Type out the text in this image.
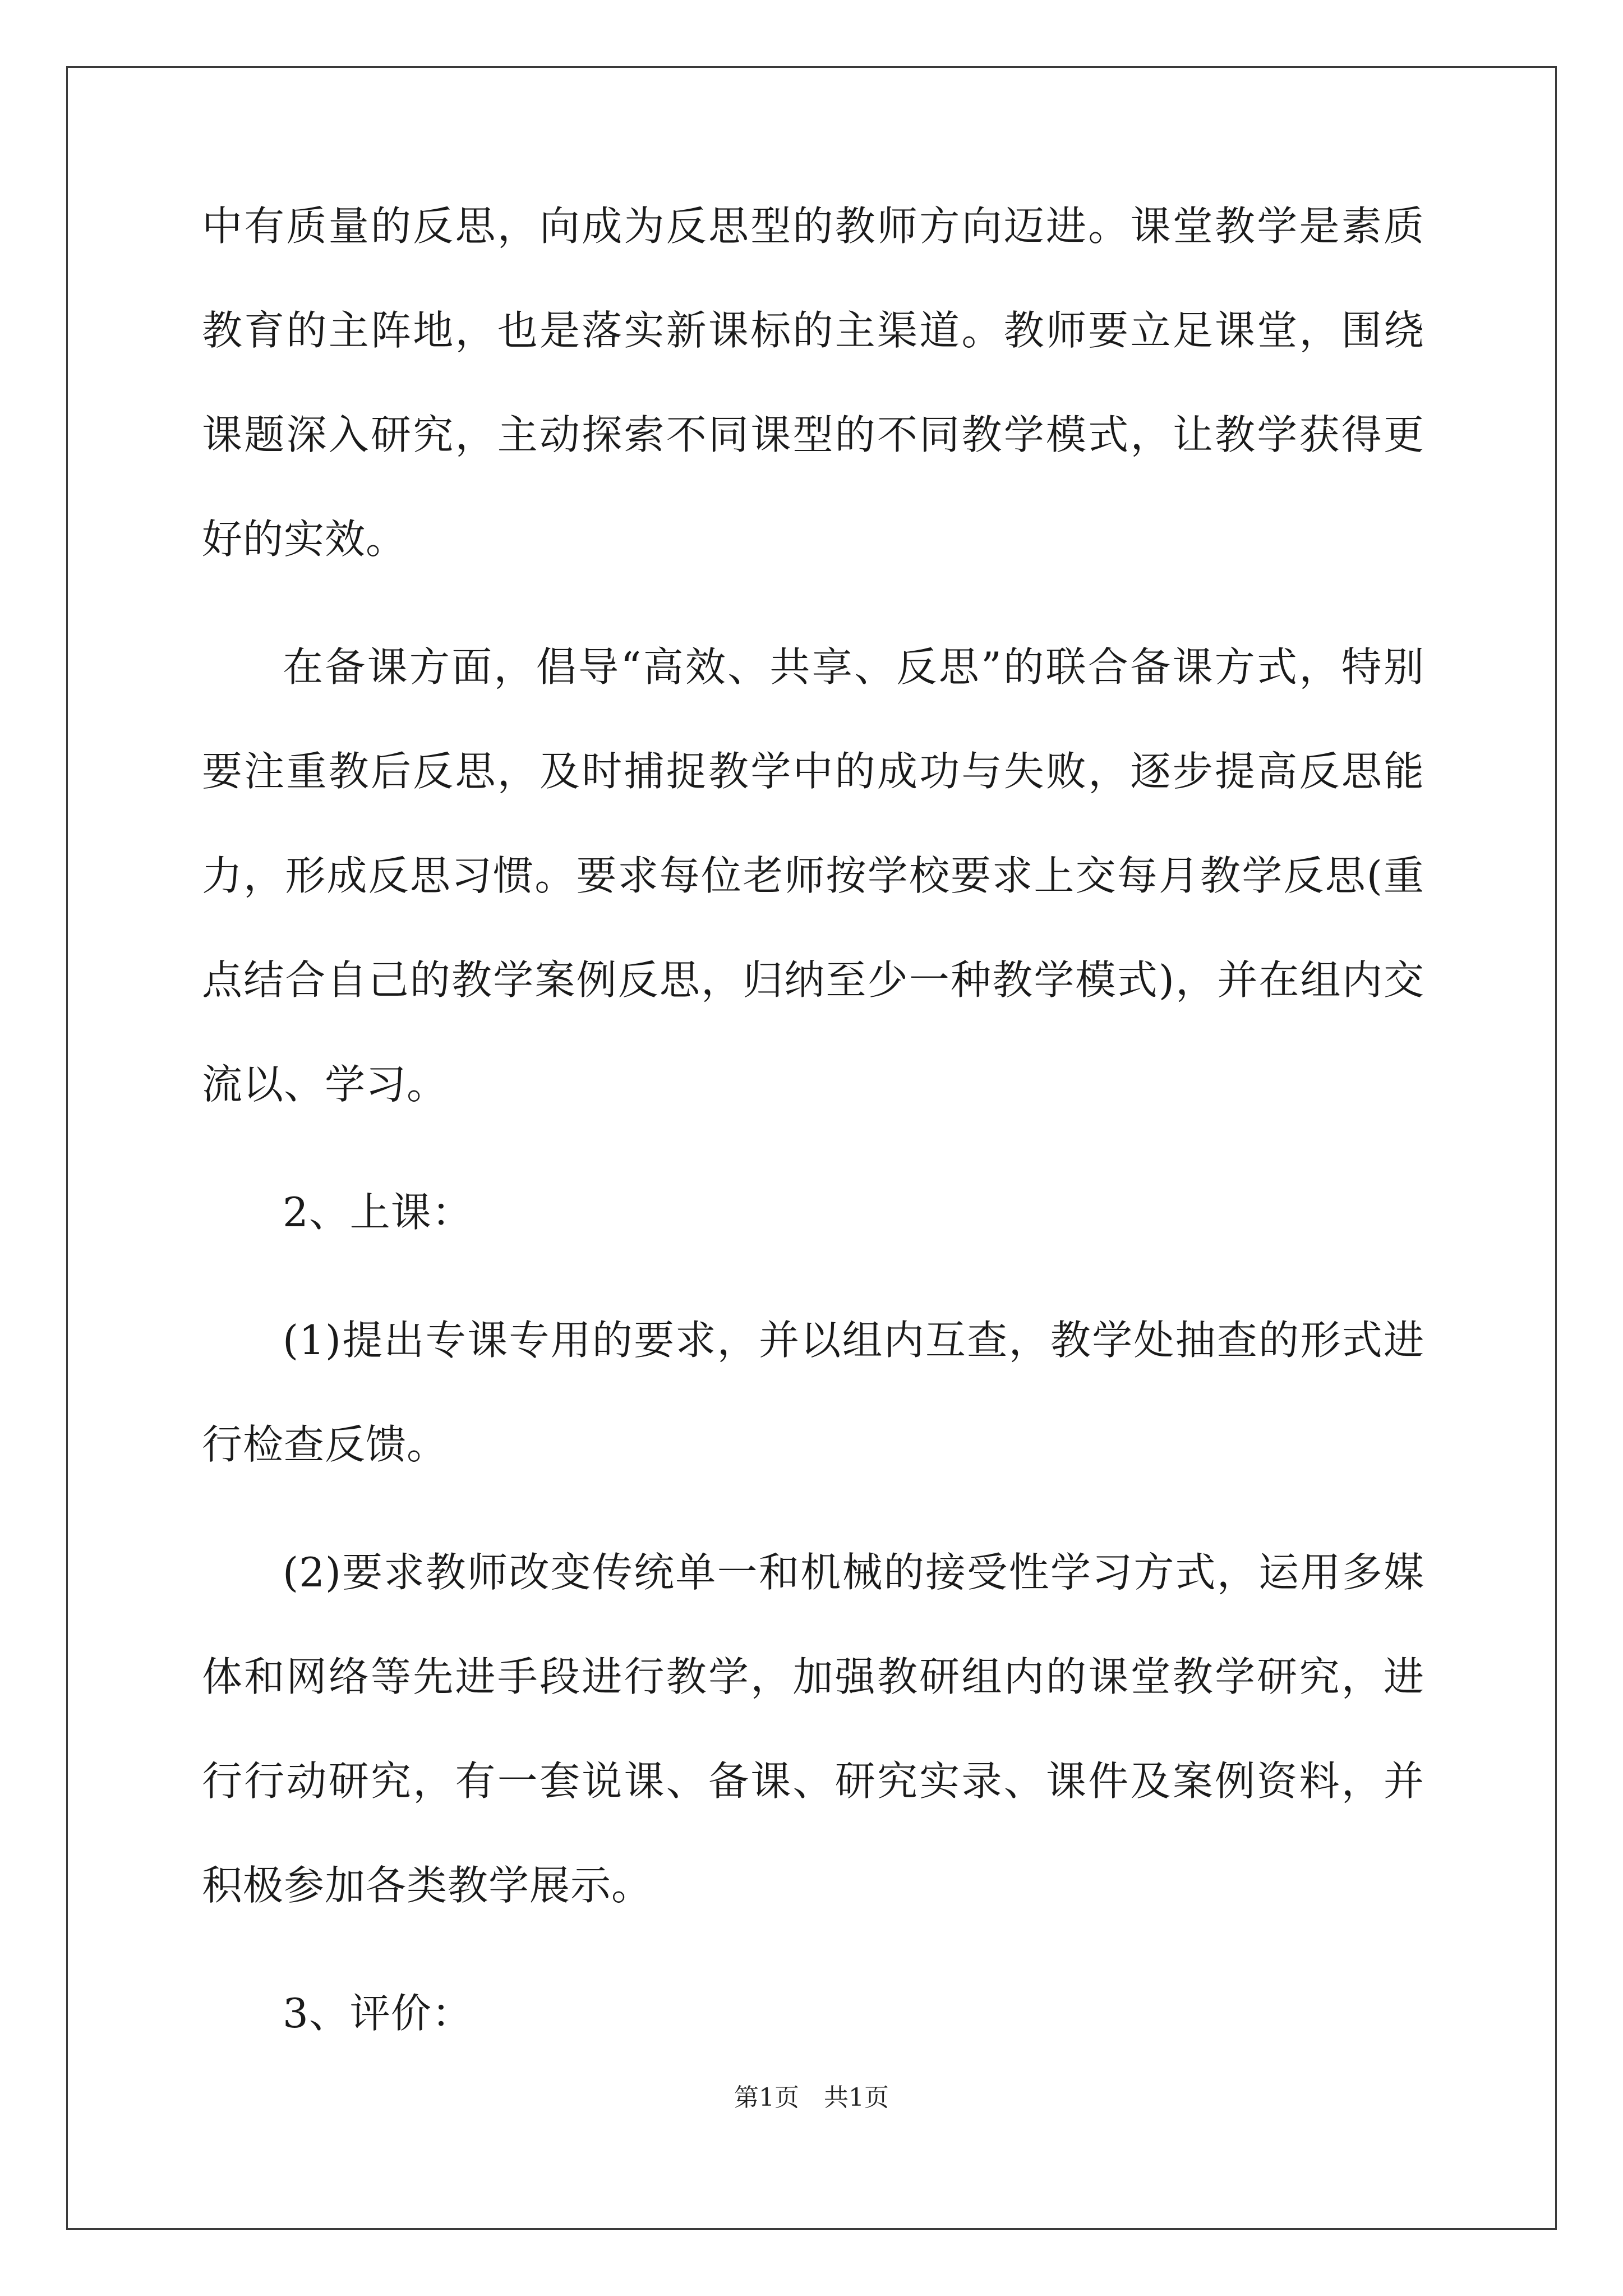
中有质量的反思，向成为反思型的教师方向迈进。课堂教学是素质教育的主阵地，也是落实新课标的主渠道。教师要立足课堂，围绕课题深入研究，主动探索不同课型的不同教学模式，让教学获得更好的实效。

在备课方面，倡导“高效、共享、反思”的联合备课方式，特别要注重教后反思，及时捕捉教学中的成功与失败，逐步提高反思能力，形成反思习惯。要求每位老师按学校要求上交每月教学反思(重点结合自己的教学案例反思，归纳至少一种教学模式)，并在组内交流以、学习。

2、上课：

(1)提出专课专用的要求，并以组内互查，教学处抽查的形式进行检查反馈。

(2)要求教师改变传统单一和机械的接受性学习方式，运用多媒体和网络等先进手段进行教学，加强教研组内的课堂教学研究，进行行动研究，有一套说课、备课、研究实录、课件及案例资料，并积极参加各类教学展示。

3、评价：

第1页 共1页
